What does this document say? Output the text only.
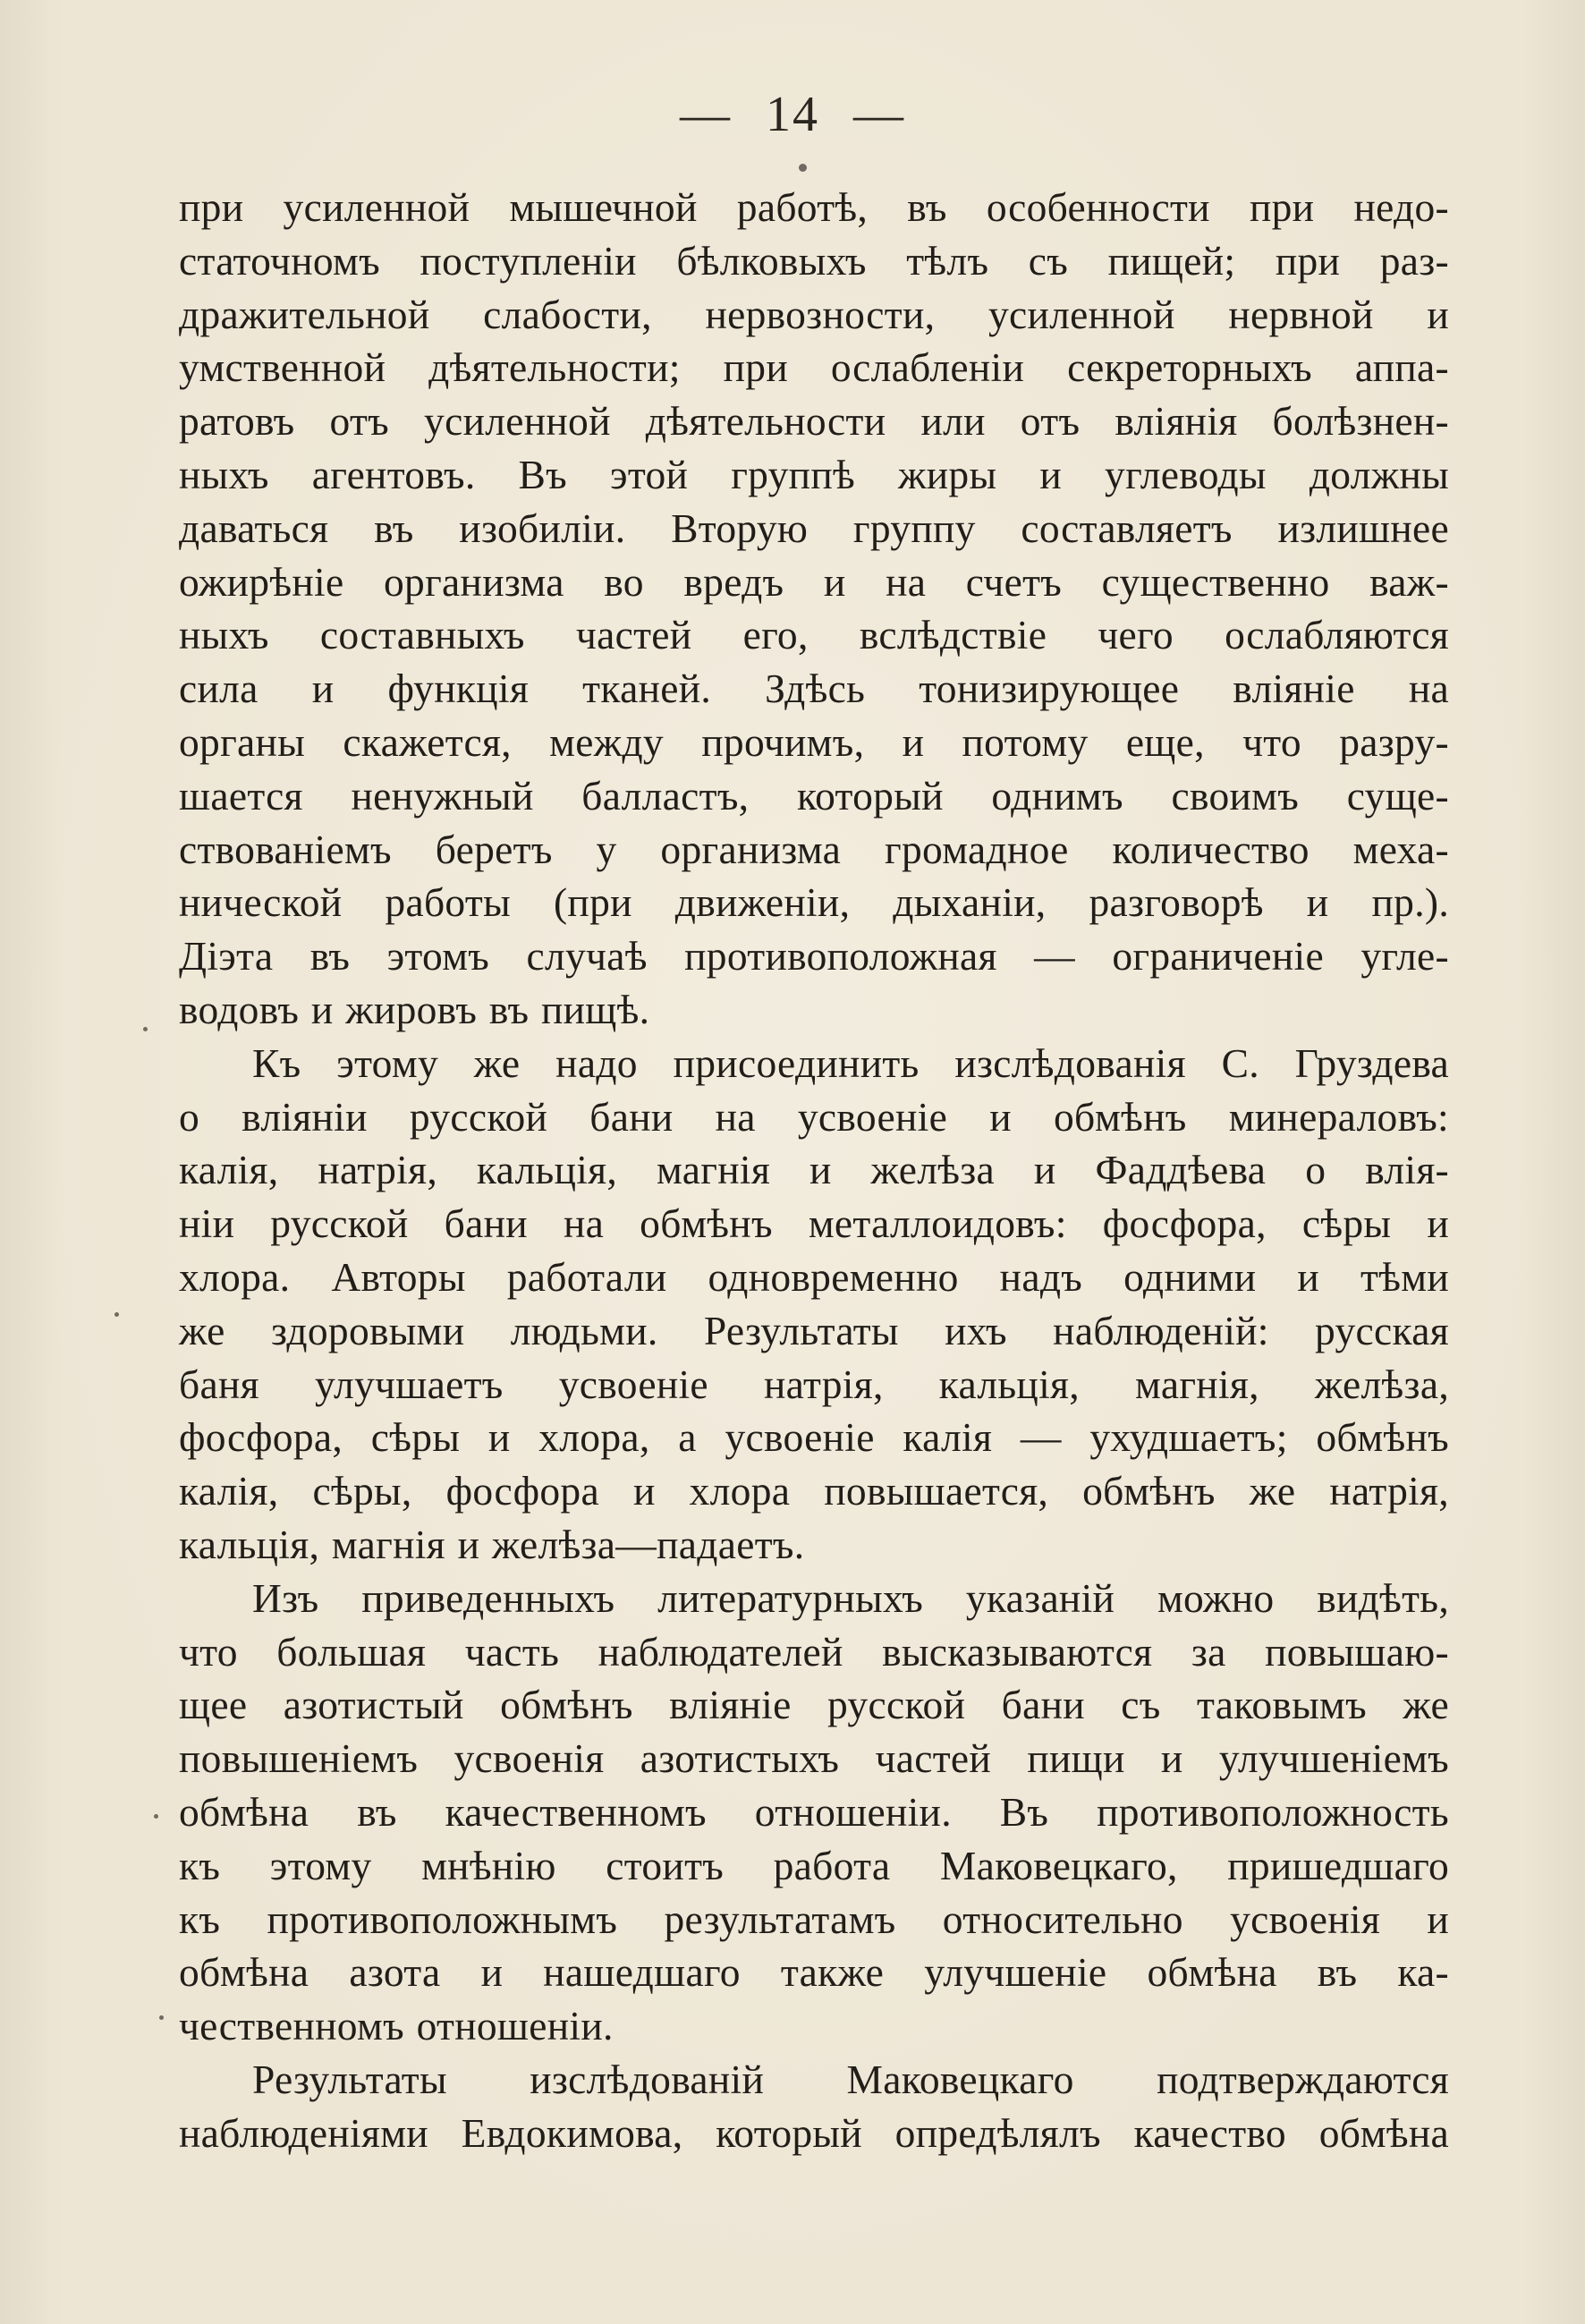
— 14 —
при усиленной мышечной работѣ, въ особенности при недо-
статочномъ поступленіи бѣлковыхъ тѣлъ съ пищей; при раз-
дражительной слабости, нервозности, усиленной нервной и
умственной дѣятельности; при ослабленіи секреторныхъ аппа-
ратовъ отъ усиленной дѣятельности или отъ вліянія болѣзнен-
ныхъ агентовъ. Въ этой группѣ жиры и углеводы должны
даваться въ изобиліи. Вторую группу составляетъ излишнее
ожирѣніе организма во вредъ и на счетъ существенно важ-
ныхъ составныхъ частей его, вслѣдствіе чего ослабляются
сила и функція тканей. Здѣсь тонизирующее вліяніе на
органы скажется, между прочимъ, и потому еще, что разру-
шается ненужный балластъ, который однимъ своимъ суще-
ствованіемъ беретъ у организма громадное количество меха-
нической работы (при движеніи, дыханіи, разговорѣ и пр.).
Діэта въ этомъ случаѣ противоположная — ограниченіе угле-
водовъ и жировъ въ пищѣ.
Къ этому же надо присоединить изслѣдованія С. Груздева
о вліяніи русской бани на усвоеніе и обмѣнъ минераловъ:
калія, натрія, кальція, магнія и желѣза и Фаддѣева о влія-
ніи русской бани на обмѣнъ металлоидовъ: фосфора, сѣры и
хлора. Авторы работали одновременно надъ одними и тѣми
же здоровыми людьми. Результаты ихъ наблюденій: русская
баня улучшаетъ усвоеніе натрія, кальція, магнія, желѣза,
фосфора, сѣры и хлора, а усвоеніе калія — ухудшаетъ; обмѣнъ
калія, сѣры, фосфора и хлора повышается, обмѣнъ же натрія,
кальція, магнія и желѣза—падаетъ.
Изъ приведенныхъ литературныхъ указаній можно видѣть,
что большая часть наблюдателей высказываются за повышаю-
щее азотистый обмѣнъ вліяніе русской бани съ таковымъ же
повышеніемъ усвоенія азотистыхъ частей пищи и улучшеніемъ
обмѣна въ качественномъ отношеніи. Въ противоположность
къ этому мнѣнію стоитъ работа Маковецкаго, пришедшаго
къ противоположнымъ результатамъ относительно усвоенія и
обмѣна азота и нашедшаго также улучшеніе обмѣна въ ка-
чественномъ отношеніи.
Результаты изслѣдованій Маковецкаго подтверждаются
наблюденіями Евдокимова, который опредѣлялъ качество обмѣна
